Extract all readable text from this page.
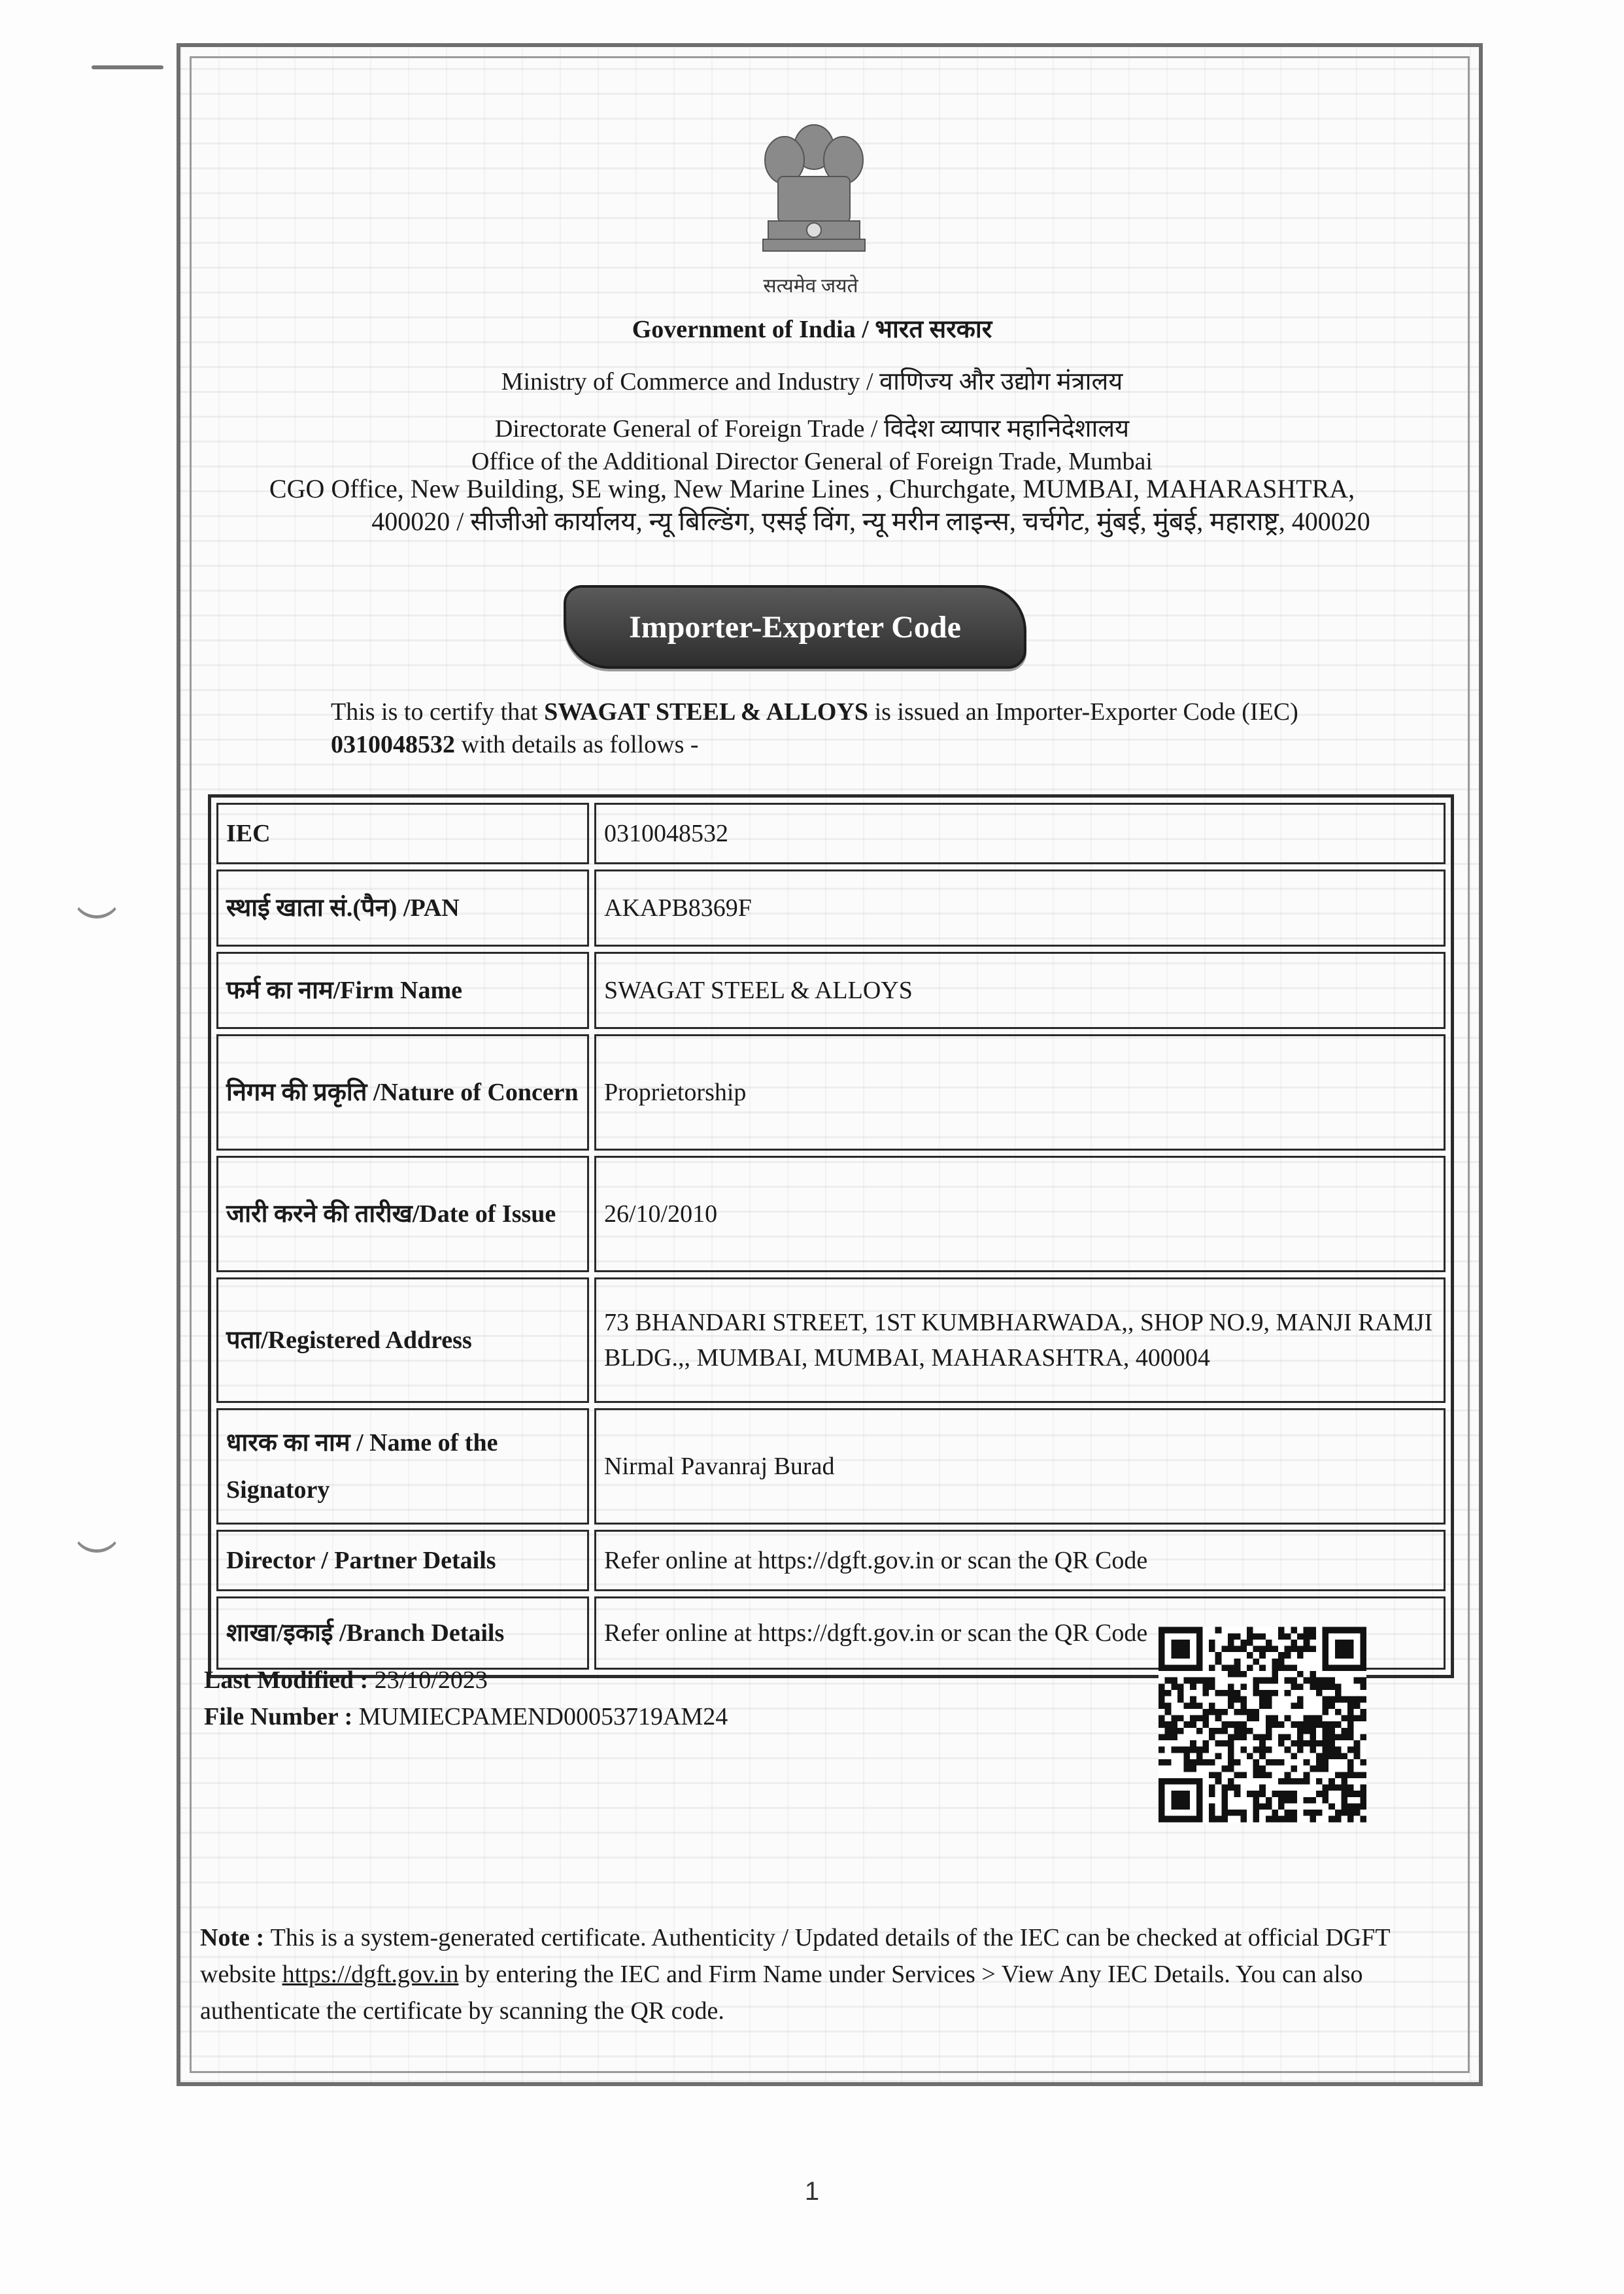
सत्यमेव जयते
Government of India / भारत सरकार
Ministry of Commerce and Industry / वाणिज्य और उद्योग मंत्रालय
Directorate General of Foreign Trade / विदेश व्यापार महानिदेशालय
Office of the Additional Director General of Foreign Trade, Mumbai
CGO Office, New Building, SE wing, New Marine Lines , Churchgate, MUMBAI, MAHARASHTRA,
400020 / सीजीओ कार्यालय, न्यू बिल्डिंग, एसई विंग, न्यू मरीन लाइन्स, चर्चगेट, मुंबई, मुंबई, महाराष्ट्र, 400020
Importer-Exporter Code
This is to certify that SWAGAT STEEL & ALLOYS is issued an Importer-Exporter Code (IEC) 0310048532 with details as follows -
IEC	0310048532
स्थाई खाता सं.(पैन) /PAN	AKAPB8369F
फर्म का नाम/Firm Name	SWAGAT STEEL & ALLOYS
निगम की प्रकृति /Nature of Concern	Proprietorship
जारी करने की तारीख/Date of Issue	26/10/2010
पता/Registered Address	73 BHANDARI STREET, 1ST KUMBHARWADA,, SHOP NO.9, MANJI RAMJI BLDG.,, MUMBAI, MUMBAI, MAHARASHTRA, 400004
धारक का नाम / Name of the Signatory	Nirmal Pavanraj Burad
Director / Partner Details	Refer online at https://dgft.gov.in or scan the QR Code
शाखा/इकाई /Branch Details	Refer online at https://dgft.gov.in or scan the QR Code
Last Modified : 23/10/2023
File Number : MUMIECPAMEND00053719AM24
Note : This is a system-generated certificate. Authenticity / Updated details of the IEC can be checked at official DGFT website https://dgft.gov.in by entering the IEC and Firm Name under Services > View Any IEC Details. You can also authenticate the certificate by scanning the QR code.
1
